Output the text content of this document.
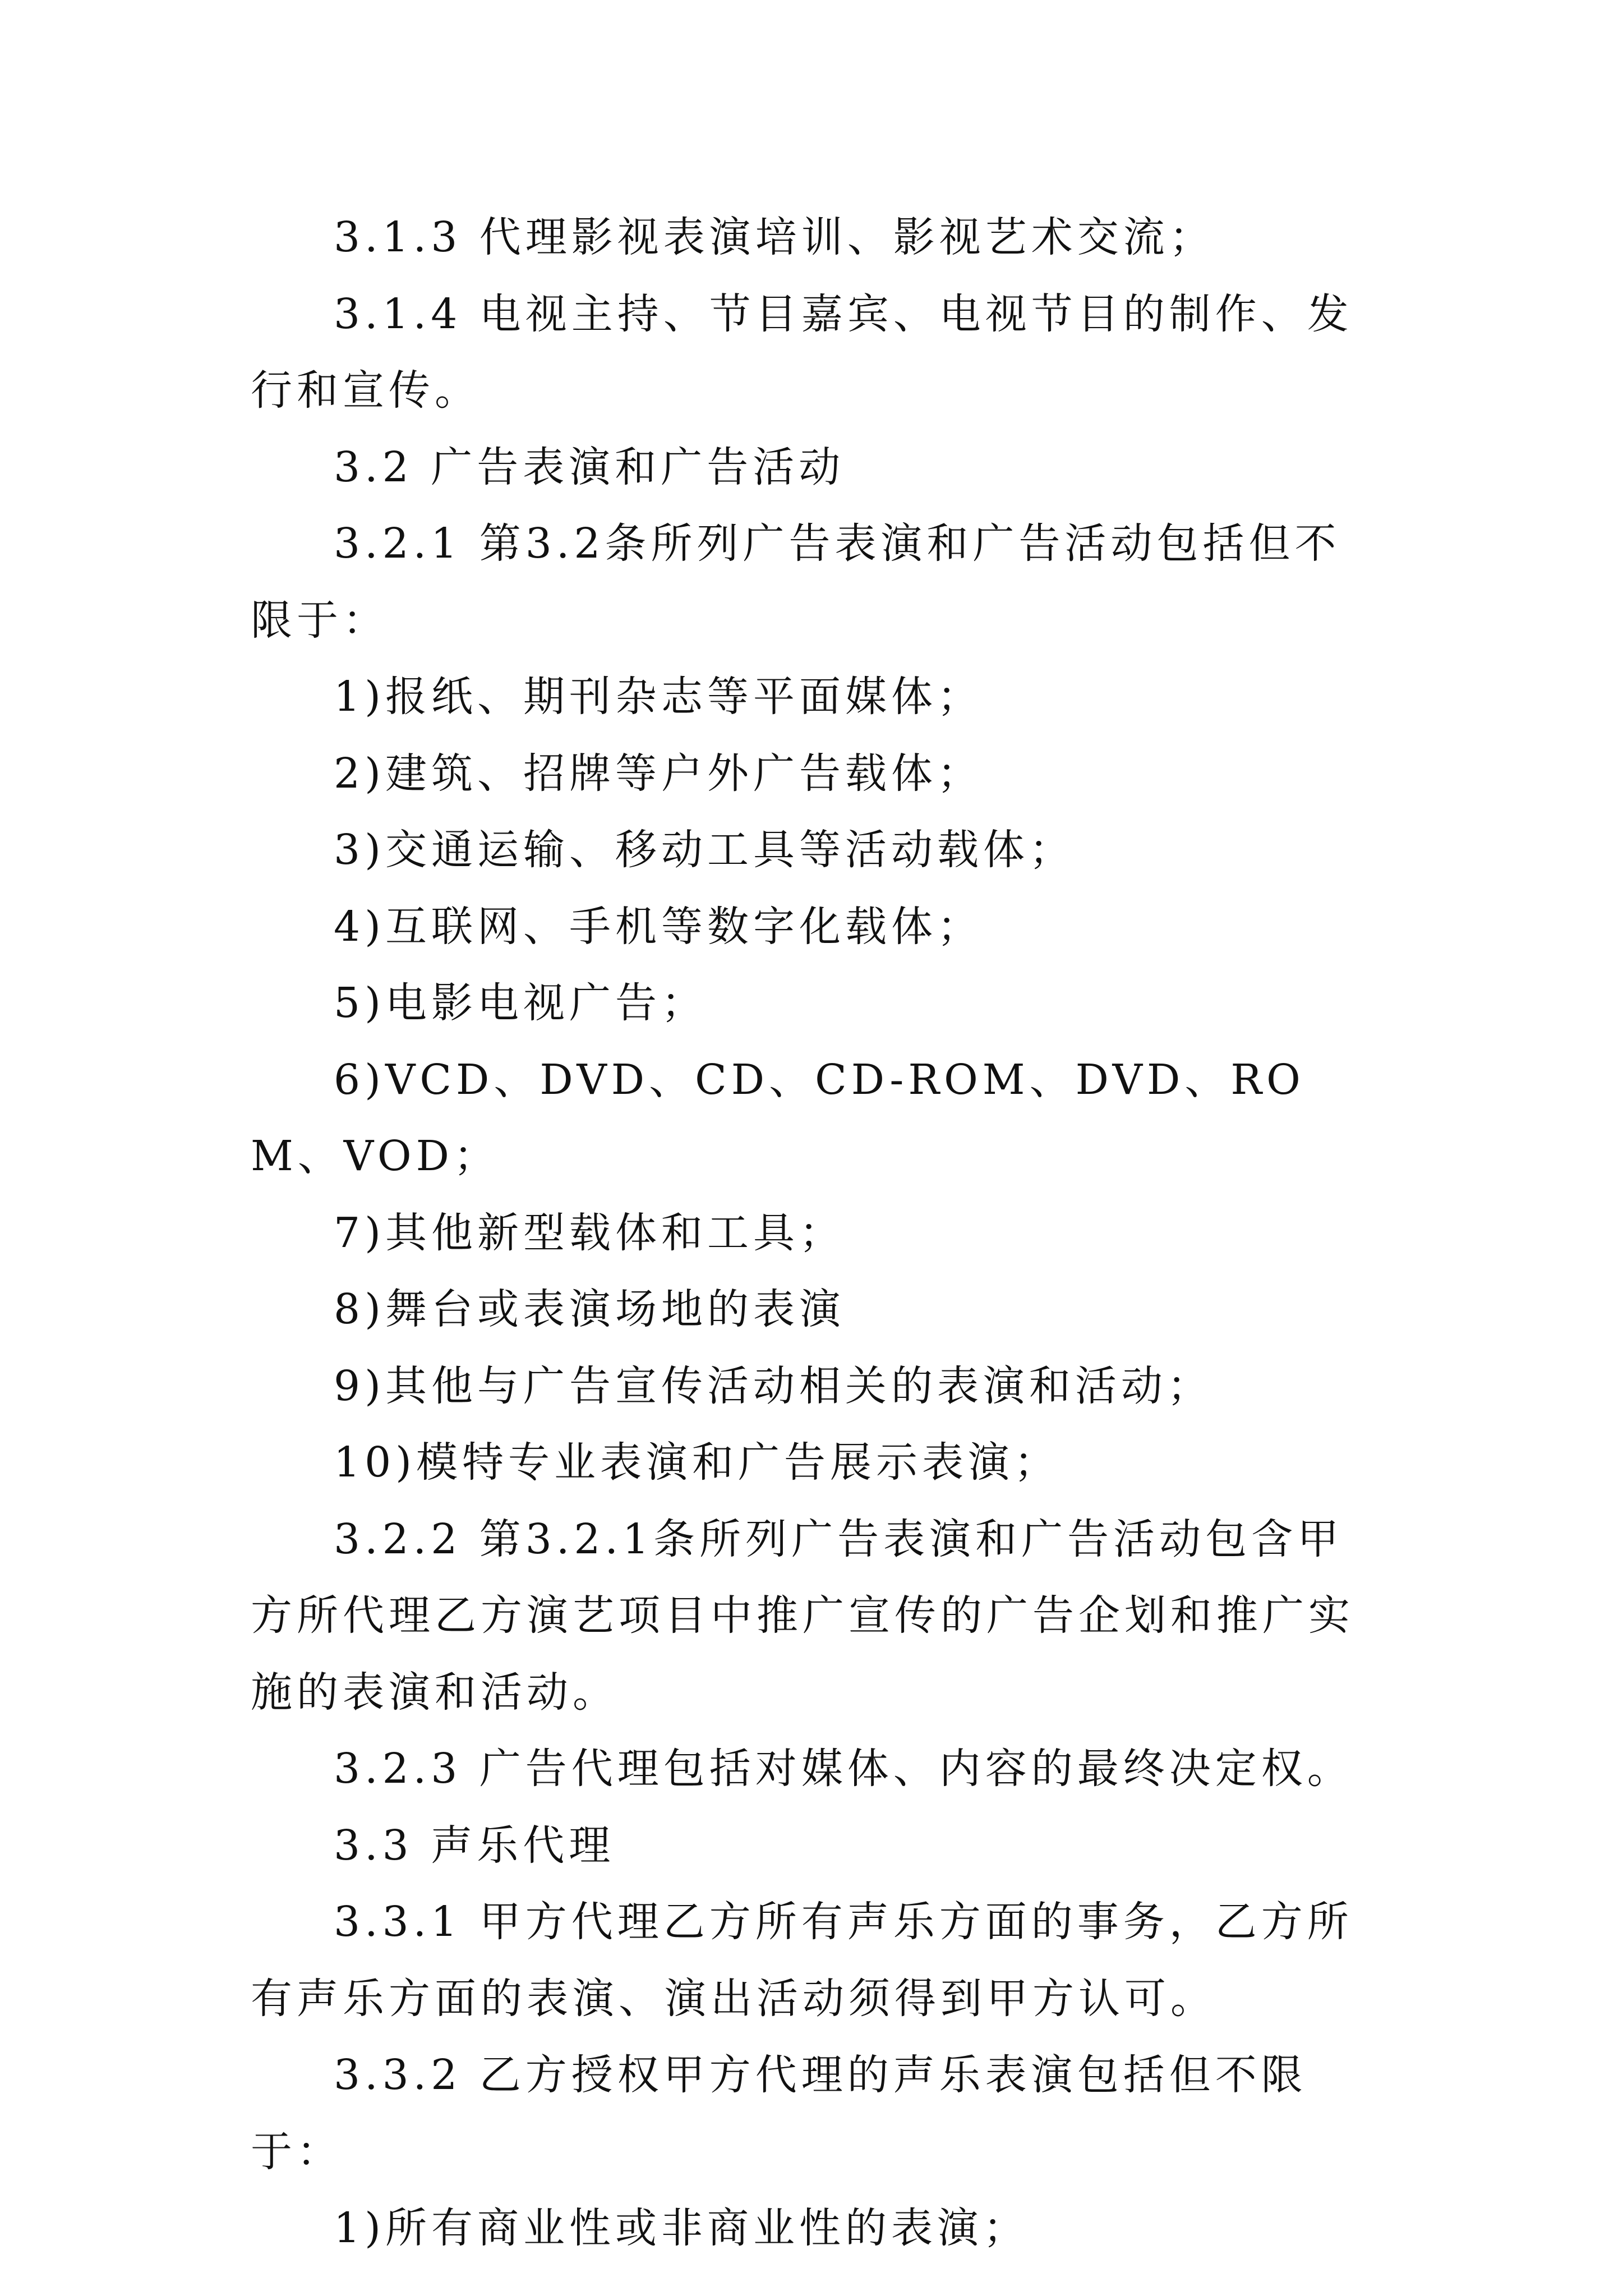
3.1.3 代理影视表演培训、影视艺术交流；

3.1.4 电视主持、节目嘉宾、电视节目的制作、发行和宣传。

3.2 广告表演和广告活动

3.2.1 第3.2条所列广告表演和广告活动包括但不限于：

1)报纸、期刊杂志等平面媒体；

2)建筑、招牌等户外广告载体；

3)交通运输、移动工具等活动载体；

4)互联网、手机等数字化载体；

5)电影电视广告；

6)VCD、DVD、CD、CD-ROM、DVD、ROM、VOD；

7)其他新型载体和工具；

8)舞台或表演场地的表演

9)其他与广告宣传活动相关的表演和活动；

10)模特专业表演和广告展示表演；

3.2.2 第3.2.1条所列广告表演和广告活动包含甲方所代理乙方演艺项目中推广宣传的广告企划和推广实施的表演和活动。

3.2.3 广告代理包括对媒体、内容的最终决定权。

3.3 声乐代理

3.3.1 甲方代理乙方所有声乐方面的事务，乙方所有声乐方面的表演、演出活动须得到甲方认可。

3.3.2 乙方授权甲方代理的声乐表演包括但不限于：

1)所有商业性或非商业性的表演；
